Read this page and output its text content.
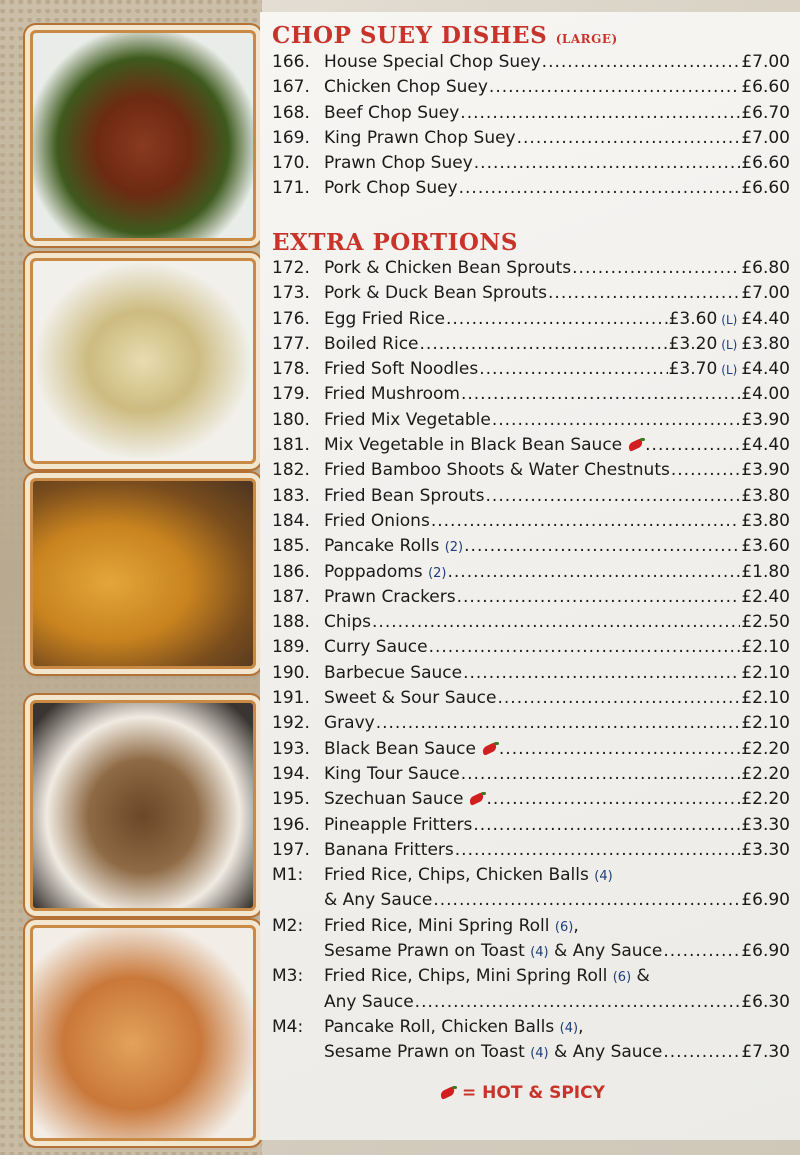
CHOP SUEY DISHES (LARGE)
166. House Special Chop Suey .....	£7.00
167. Chicken Chop Suey .....	£6.60
168. Beef Chop Suey .....	£6.70
169. King Prawn Chop Suey .....	£7.00
170. Prawn Chop Suey .....	£6.60
171. Pork Chop Suey .....	£6.60
EXTRA PORTIONS
172. Pork & Chicken Bean Sprouts .....	£6.80
173. Pork & Duck Bean Sprouts .....	£7.00
176. Egg Fried Rice .....	£3.60 (L) £4.40
177. Boiled Rice .....	£3.20 (L) £3.80
178. Fried Soft Noodles .....	£3.70 (L) £4.40
179. Fried Mushroom .....	£4.00
180. Fried Mix Vegetable .....	£3.90
181. Mix Vegetable in Black Bean Sauce .....	£4.40
182. Fried Bamboo Shoots & Water Chestnuts .....	£3.90
183. Fried Bean Sprouts .....	£3.80
184. Fried Onions .....	£3.80
185. Pancake Rolls (2) .....	£3.60
186. Poppadoms (2) .....	£1.80
187. Prawn Crackers .....	£2.40
188. Chips .....	£2.50
189. Curry Sauce .....	£2.10
190. Barbecue Sauce .....	£2.10
191. Sweet & Sour Sauce .....	£2.10
192. Gravy .....	£2.10
193. Black Bean Sauce .....	£2.20
194. King Tour Sauce .....	£2.20
195. Szechuan Sauce .....	£2.20
196. Pineapple Fritters .....	£3.30
197. Banana Fritters .....	£3.30
M1:	Fried Rice, Chips, Chicken Balls (4)
& Any Sauce .....	£6.90
M2:	Fried Rice, Mini Spring Roll (6),
Sesame Prawn on Toast (4) & Any Sauce .....	£6.90
M3:	Fried Rice, Chips, Mini Spring Roll (6) &
Any Sauce .....	£6.30
M4:	Pancake Roll, Chicken Balls (4),
Sesame Prawn on Toast (4) & Any Sauce .....	£7.30
= HOT & SPICY
